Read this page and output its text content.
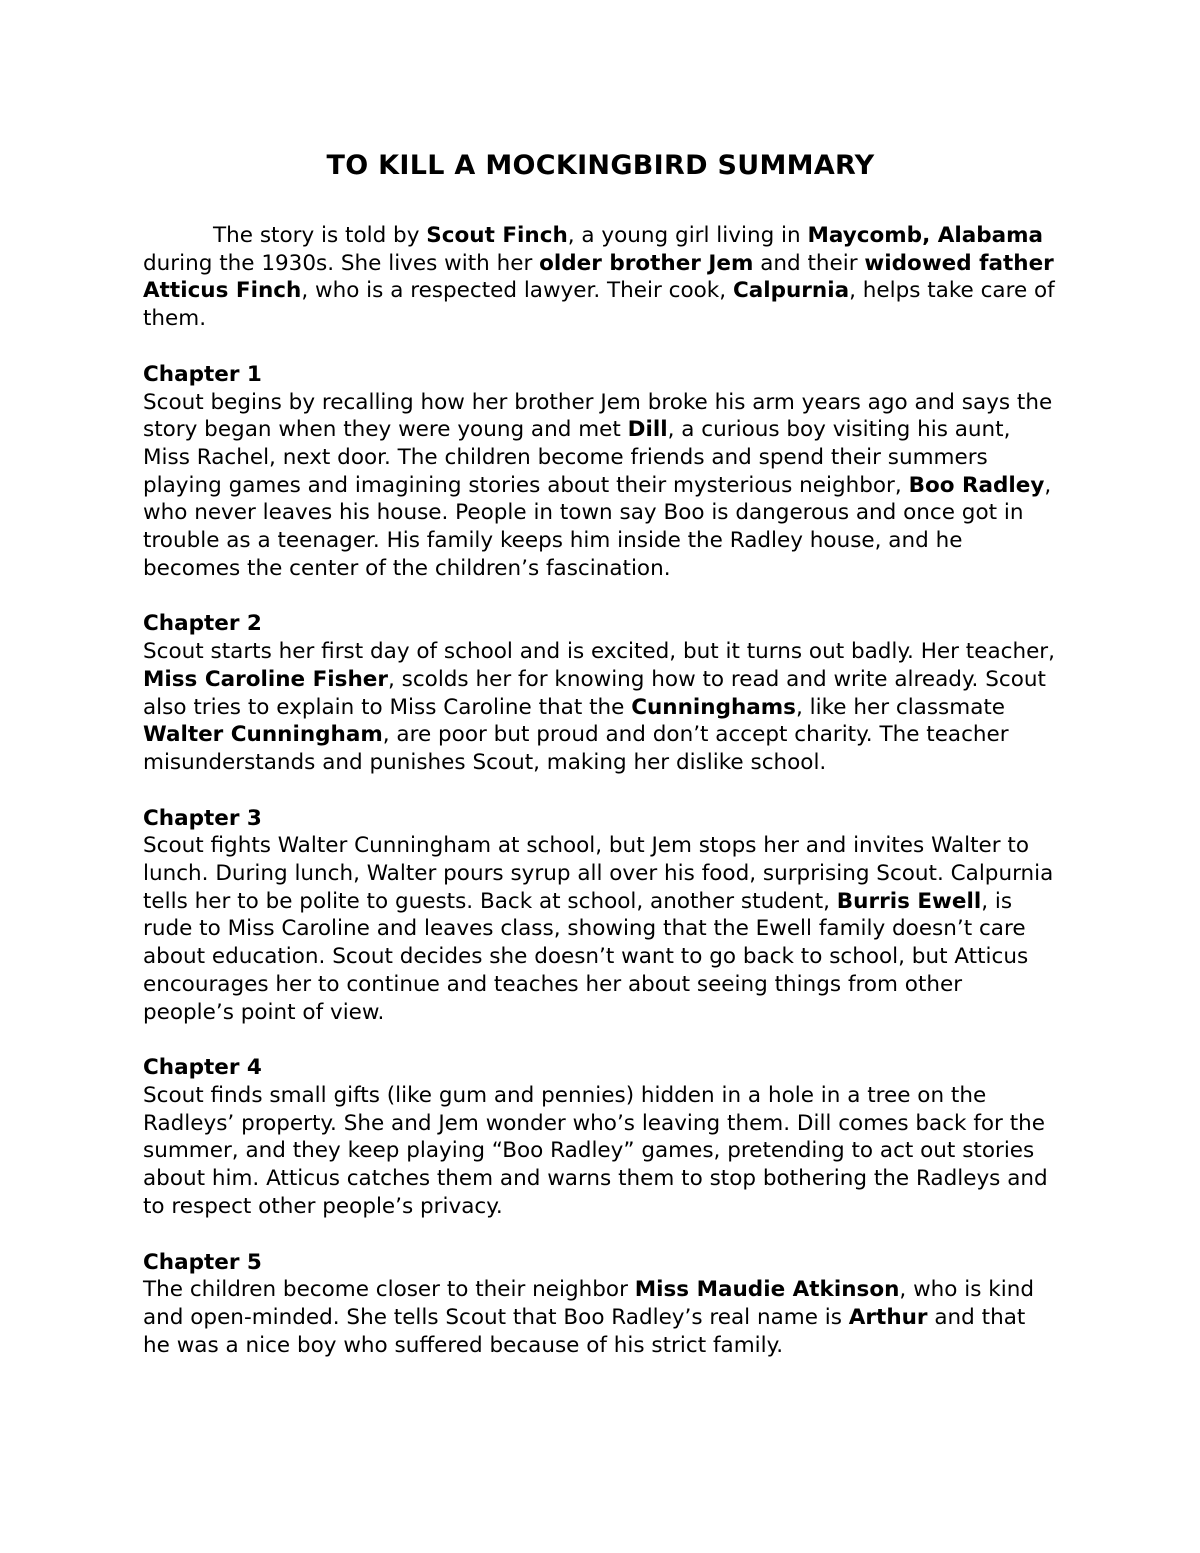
TO KILL A MOCKINGBIRD SUMMARY

The story is told by Scout Finch, a young girl living in Maycomb, Alabama during the 1930s. She lives with her older brother Jem and their widowed father Atticus Finch, who is a respected lawyer. Their cook, Calpurnia, helps take care of them.

Chapter 1

Scout begins by recalling how her brother Jem broke his arm years ago and says the story began when they were young and met Dill, a curious boy visiting his aunt, Miss Rachel, next door. The children become friends and spend their summers playing games and imagining stories about their mysterious neighbor, Boo Radley, who never leaves his house. People in town say Boo is dangerous and once got in trouble as a teenager. His family keeps him inside the Radley house, and he becomes the center of the children’s fascination.

Chapter 2

Scout starts her first day of school and is excited, but it turns out badly. Her teacher, Miss Caroline Fisher, scolds her for knowing how to read and write already. Scout also tries to explain to Miss Caroline that the Cunninghams, like her classmate Walter Cunningham, are poor but proud and don’t accept charity. The teacher misunderstands and punishes Scout, making her dislike school.

Chapter 3

Scout fights Walter Cunningham at school, but Jem stops her and invites Walter to lunch. During lunch, Walter pours syrup all over his food, surprising Scout. Calpurnia tells her to be polite to guests. Back at school, another student, Burris Ewell, is rude to Miss Caroline and leaves class, showing that the Ewell family doesn’t care about education. Scout decides she doesn’t want to go back to school, but Atticus encourages her to continue and teaches her about seeing things from other people’s point of view.

Chapter 4

Scout finds small gifts (like gum and pennies) hidden in a hole in a tree on the Radleys’ property. She and Jem wonder who’s leaving them. Dill comes back for the summer, and they keep playing “Boo Radley” games, pretending to act out stories about him. Atticus catches them and warns them to stop bothering the Radleys and to respect other people’s privacy.

Chapter 5

The children become closer to their neighbor Miss Maudie Atkinson, who is kind and open-minded. She tells Scout that Boo Radley’s real name is Arthur and that he was a nice boy who suffered because of his strict family.
